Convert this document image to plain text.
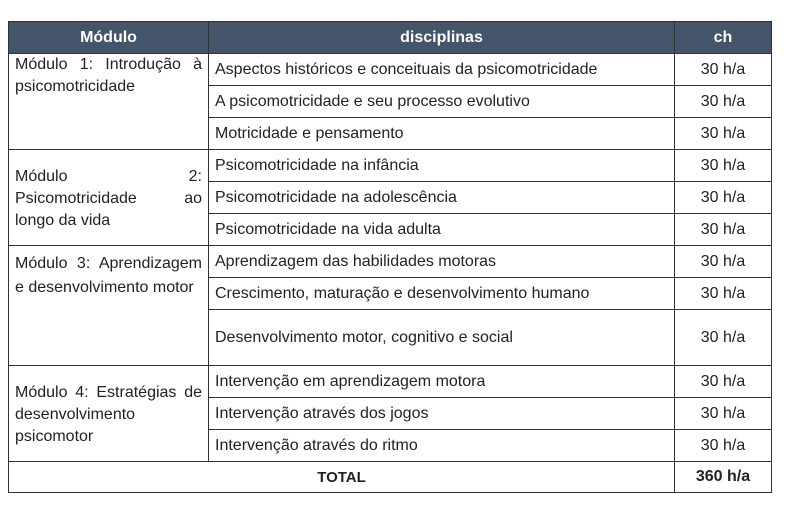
Módulo	disciplinas	ch
Módulo 1: Introdução à psicomotricidade	Aspectos históricos e conceituais da psicomotricidade	30 h/a
	A psicomotricidade e seu processo evolutivo	30 h/a
	Motricidade e pensamento	30 h/a
Módulo 2: Psicomotricidade ao longo da vida	Psicomotricidade na infância	30 h/a
	Psicomotricidade na adolescência	30 h/a
	Psicomotricidade na vida adulta	30 h/a
Módulo 3: Aprendizagem e desenvolvimento motor	Aprendizagem das habilidades motoras	30 h/a
	Crescimento, maturação e desenvolvimento humano	30 h/a
	Desenvolvimento motor, cognitivo e social	30 h/a
Módulo 4: Estratégias de desenvolvimento psicomotor	Intervenção em aprendizagem motora	30 h/a
	Intervenção através dos jogos	30 h/a
	Intervenção através do ritmo	30 h/a
TOTAL		360 h/a
